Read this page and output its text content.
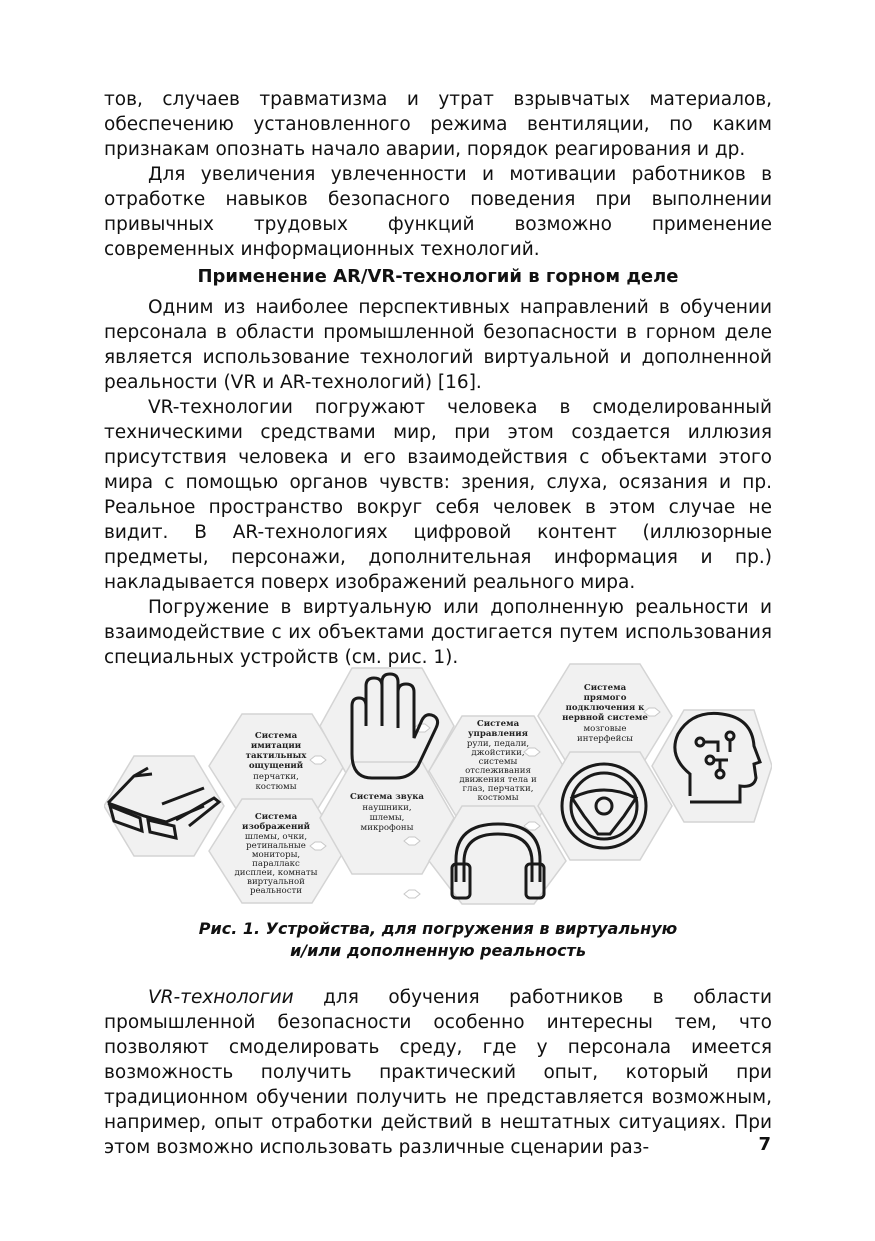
тов, случаев травматизма и утрат взрывчатых материалов, обеспечению установленного режима вентиляции, по каким признакам опознать начало аварии, порядок реагирования и др.

Для увеличения увлеченности и мотивации работников в отработке навыков безопасного поведения при выполнении привычных трудовых функций возможно применение современных информационных технологий.

Применение AR/VR-технологий в горном деле

Одним из наиболее перспективных направлений в обучении персонала в области промышленной безопасности в горном деле является использование технологий виртуальной и дополненной реальности (VR и AR-технологий) [16].

VR-технологии погружают человека в смоделированный техническими средствами мир, при этом создается иллюзия присутствия человека и его взаимодействия с объектами этого мира с помощью органов чувств: зрения, слуха, осязания и пр. Реальное пространство вокруг себя человек в этом случае не видит. В AR-технологиях цифровой контент (иллюзорные предметы, персонажи, дополнительная информация и пр.) накладывается поверх изображений реального мира.

Погружение в виртуальную или дополненную реальности и взаимодействие с их объектами достигается путем использования специальных устройств (см. рис. 1).

Система
имитации
тактильных
ощущений
перчатки,
костюмы
Система звука
наушники,
шлемы,
микрофоны
Система
управления
рули, педали,
джойстики,
системы
отслеживания
движения тела и
глаз, перчатки,
костюмы
Система
прямого
подключения к
нервной системе
мозговые
интерфейсы
Система
изображений
шлемы, очки,
ретинальные
мониторы,
параллакс
дисплеи, комнаты
виртуальной
реальности

Рис. 1. Устройства, для погружения в виртуальную

и/или дополненную реальность

VR-технологии для обучения работников в области промышленной безопасности особенно интересны тем, что позволяют смоделировать среду, где у персонала имеется возможность получить практический опыт, который при традиционном обучении получить не представляется возможным, например, опыт отработки действий в нештатных ситуациях. При этом возможно использовать различные сценарии раз-	7
